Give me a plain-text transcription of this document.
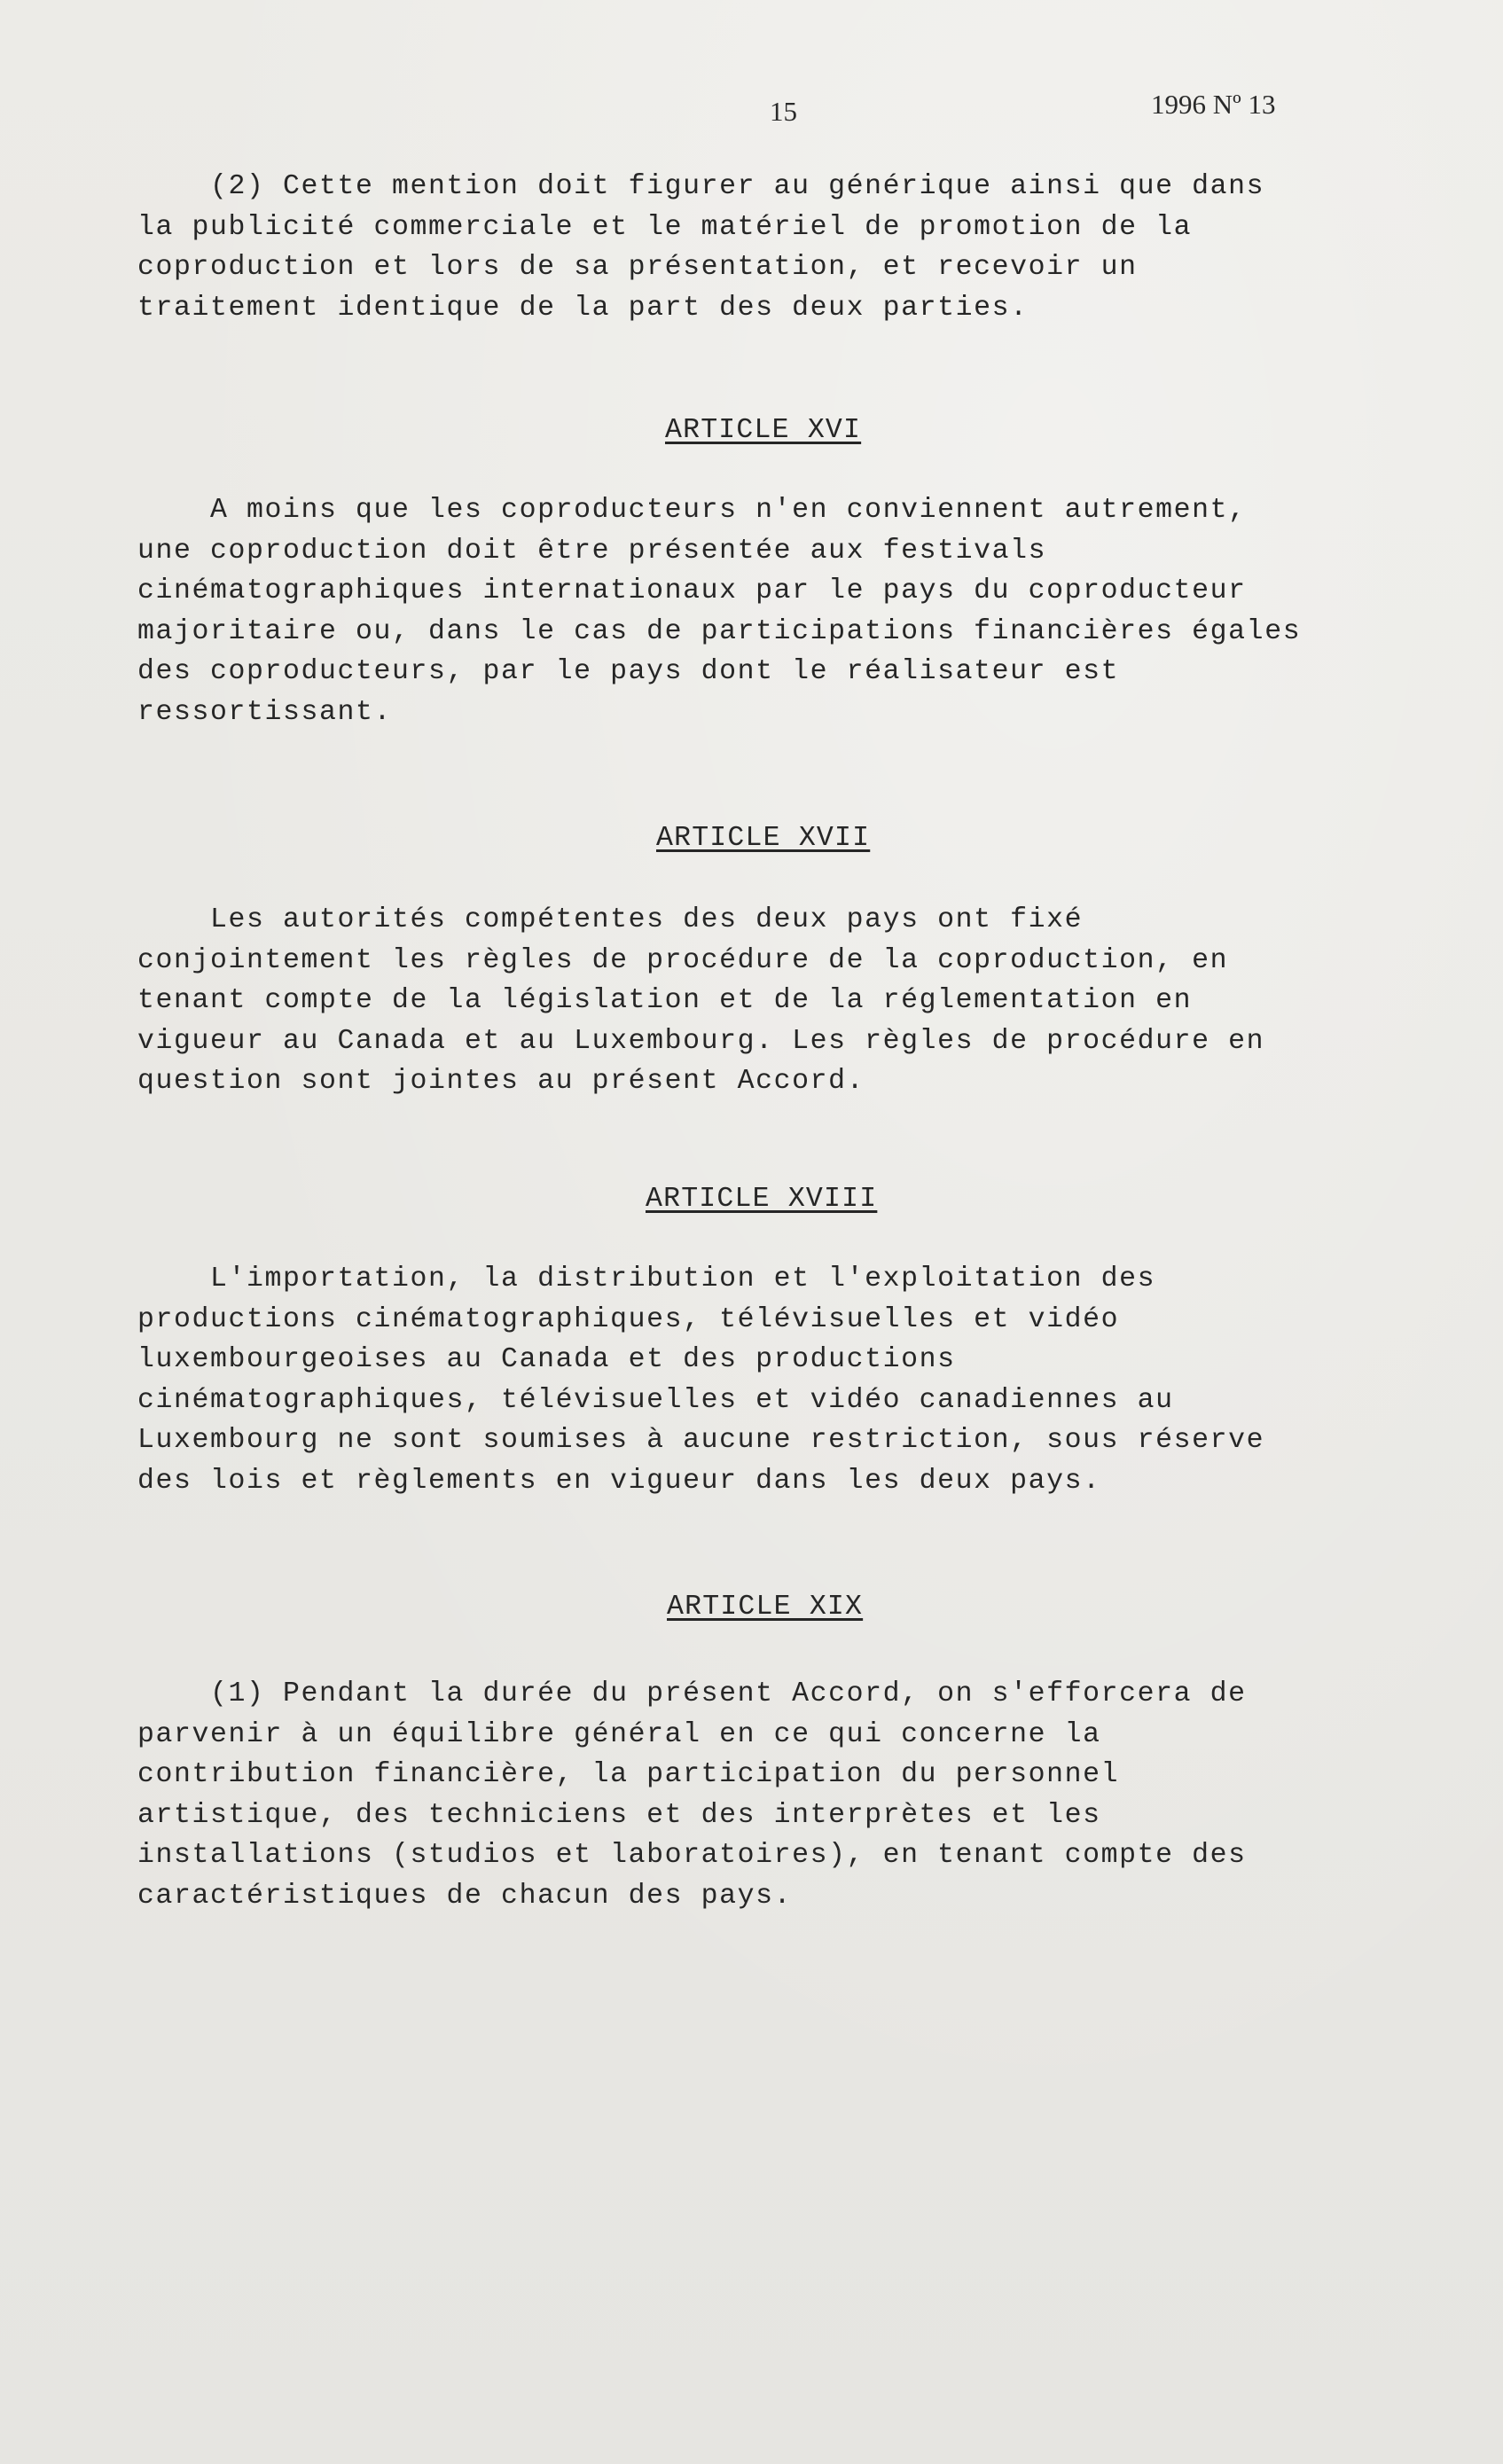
15	1996 Nº 13
(2) Cette mention doit figurer au générique ainsi que dans
la publicité commerciale et le matériel de promotion de la
coproduction et lors de sa présentation, et recevoir un
traitement identique de la part des deux parties.
ARTICLE XVI
A moins que les coproducteurs n'en conviennent autrement,
une coproduction doit être présentée aux festivals
cinématographiques internationaux par le pays du coproducteur
majoritaire ou, dans le cas de participations financières égales
des coproducteurs, par le pays dont le réalisateur est
ressortissant.
ARTICLE XVII
Les autorités compétentes des deux pays ont fixé
conjointement les règles de procédure de la coproduction, en
tenant compte de la législation et de la réglementation en
vigueur au Canada et au Luxembourg. Les règles de procédure en
question sont jointes au présent Accord.
ARTICLE XVIII
L'importation, la distribution et l'exploitation des
productions cinématographiques, télévisuelles et vidéo
luxembourgeoises au Canada et des productions
cinématographiques, télévisuelles et vidéo canadiennes au
Luxembourg ne sont soumises à aucune restriction, sous réserve
des lois et règlements en vigueur dans les deux pays.
ARTICLE XIX
(1) Pendant la durée du présent Accord, on s'efforcera de
parvenir à un équilibre général en ce qui concerne la
contribution financière, la participation du personnel
artistique, des techniciens et des interprètes et les
installations (studios et laboratoires), en tenant compte des
caractéristiques de chacun des pays.
